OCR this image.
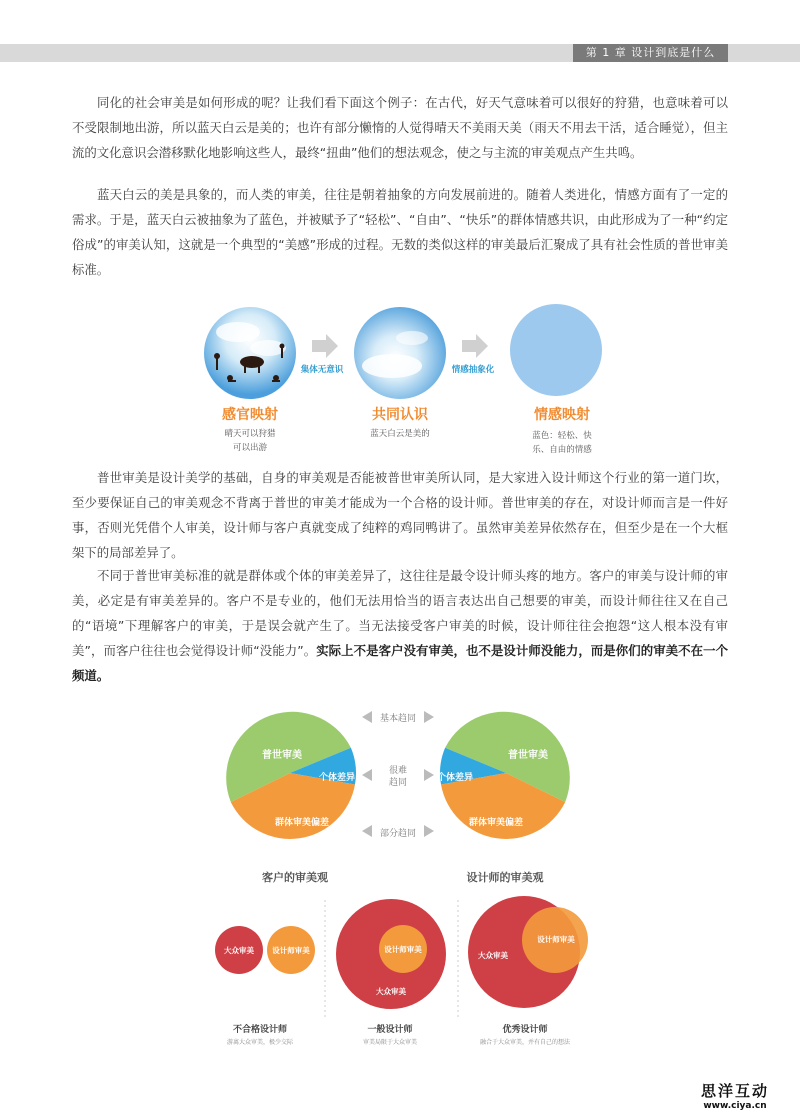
第 1 章 设计到底是什么

同化的社会审美是如何形成的呢？让我们看下面这个例子：在古代，好天气意味着可以很好的狩猎，也意味着可以不受限制地出游，所以蓝天白云是美的；也许有部分懒惰的人觉得晴天不美雨天美（雨天不用去干活，适合睡觉），但主流的文化意识会潜移默化地影响这些人，最终“扭曲”他们的想法观念，使之与主流的审美观点产生共鸣。

蓝天白云的美是具象的，而人类的审美，往往是朝着抽象的方向发展前进的。随着人类进化，情感方面有了一定的需求。于是，蓝天白云被抽象为了蓝色，并被赋予了“轻松”、“自由”、“快乐”的群体情感共识，由此形成为了一种“约定俗成”的审美认知，这就是一个典型的“美感”形成的过程。无数的类似这样的审美最后汇聚成了具有社会性质的普世审美标准。

集体无意识	情感抽象化
感官映射
晴天可以狩猎
可以出游
共同认识
蓝天白云是美的
情感映射
蓝色：轻松、快
乐、自由的情感

普世审美是设计美学的基础，自身的审美观是否能被普世审美所认同，是大家进入设计师这个行业的第一道门坎，至少要保证自己的审美观念不背离于普世的审美才能成为一个合格的设计师。普世审美的存在，对设计师而言是一件好事，否则光凭借个人审美，设计师与客户真就变成了纯粹的鸡同鸭讲了。虽然审美差异依然存在，但至少是在一个大框架下的局部差异了。

不同于普世审美标准的就是群体或个体的审美差异了，这往往是最令设计师头疼的地方。客户的审美与设计师的审美，必定是有审美差异的。客户不是专业的，他们无法用恰当的语言表达出自己想要的审美，而设计师往往又在自己的“语境”下理解客户的审美，于是误会就产生了。当无法接受客户审美的时候，设计师往往会抱怨“这人根本没有审美”，而客户往往也会觉得设计师“没能力”。实际上不是客户没有审美，也不是设计师没能力，而是你们的审美不在一个频道。

普世审美
个体差异
群体审美偏差
普世审美
个体差异
群体审美偏差
基本趋同
很难
趋同
部分趋同
客户的审美观	设计师的审美观
大众审美	设计师审美	设计师审美
大众审美
大众审美
设计师审美
不合格设计师
游离大众审美，极少交际
一般设计师
审美局限于大众审美
优秀设计师
融合于大众审美，并有自己的想法
思洋互动
www.ciya.cn
